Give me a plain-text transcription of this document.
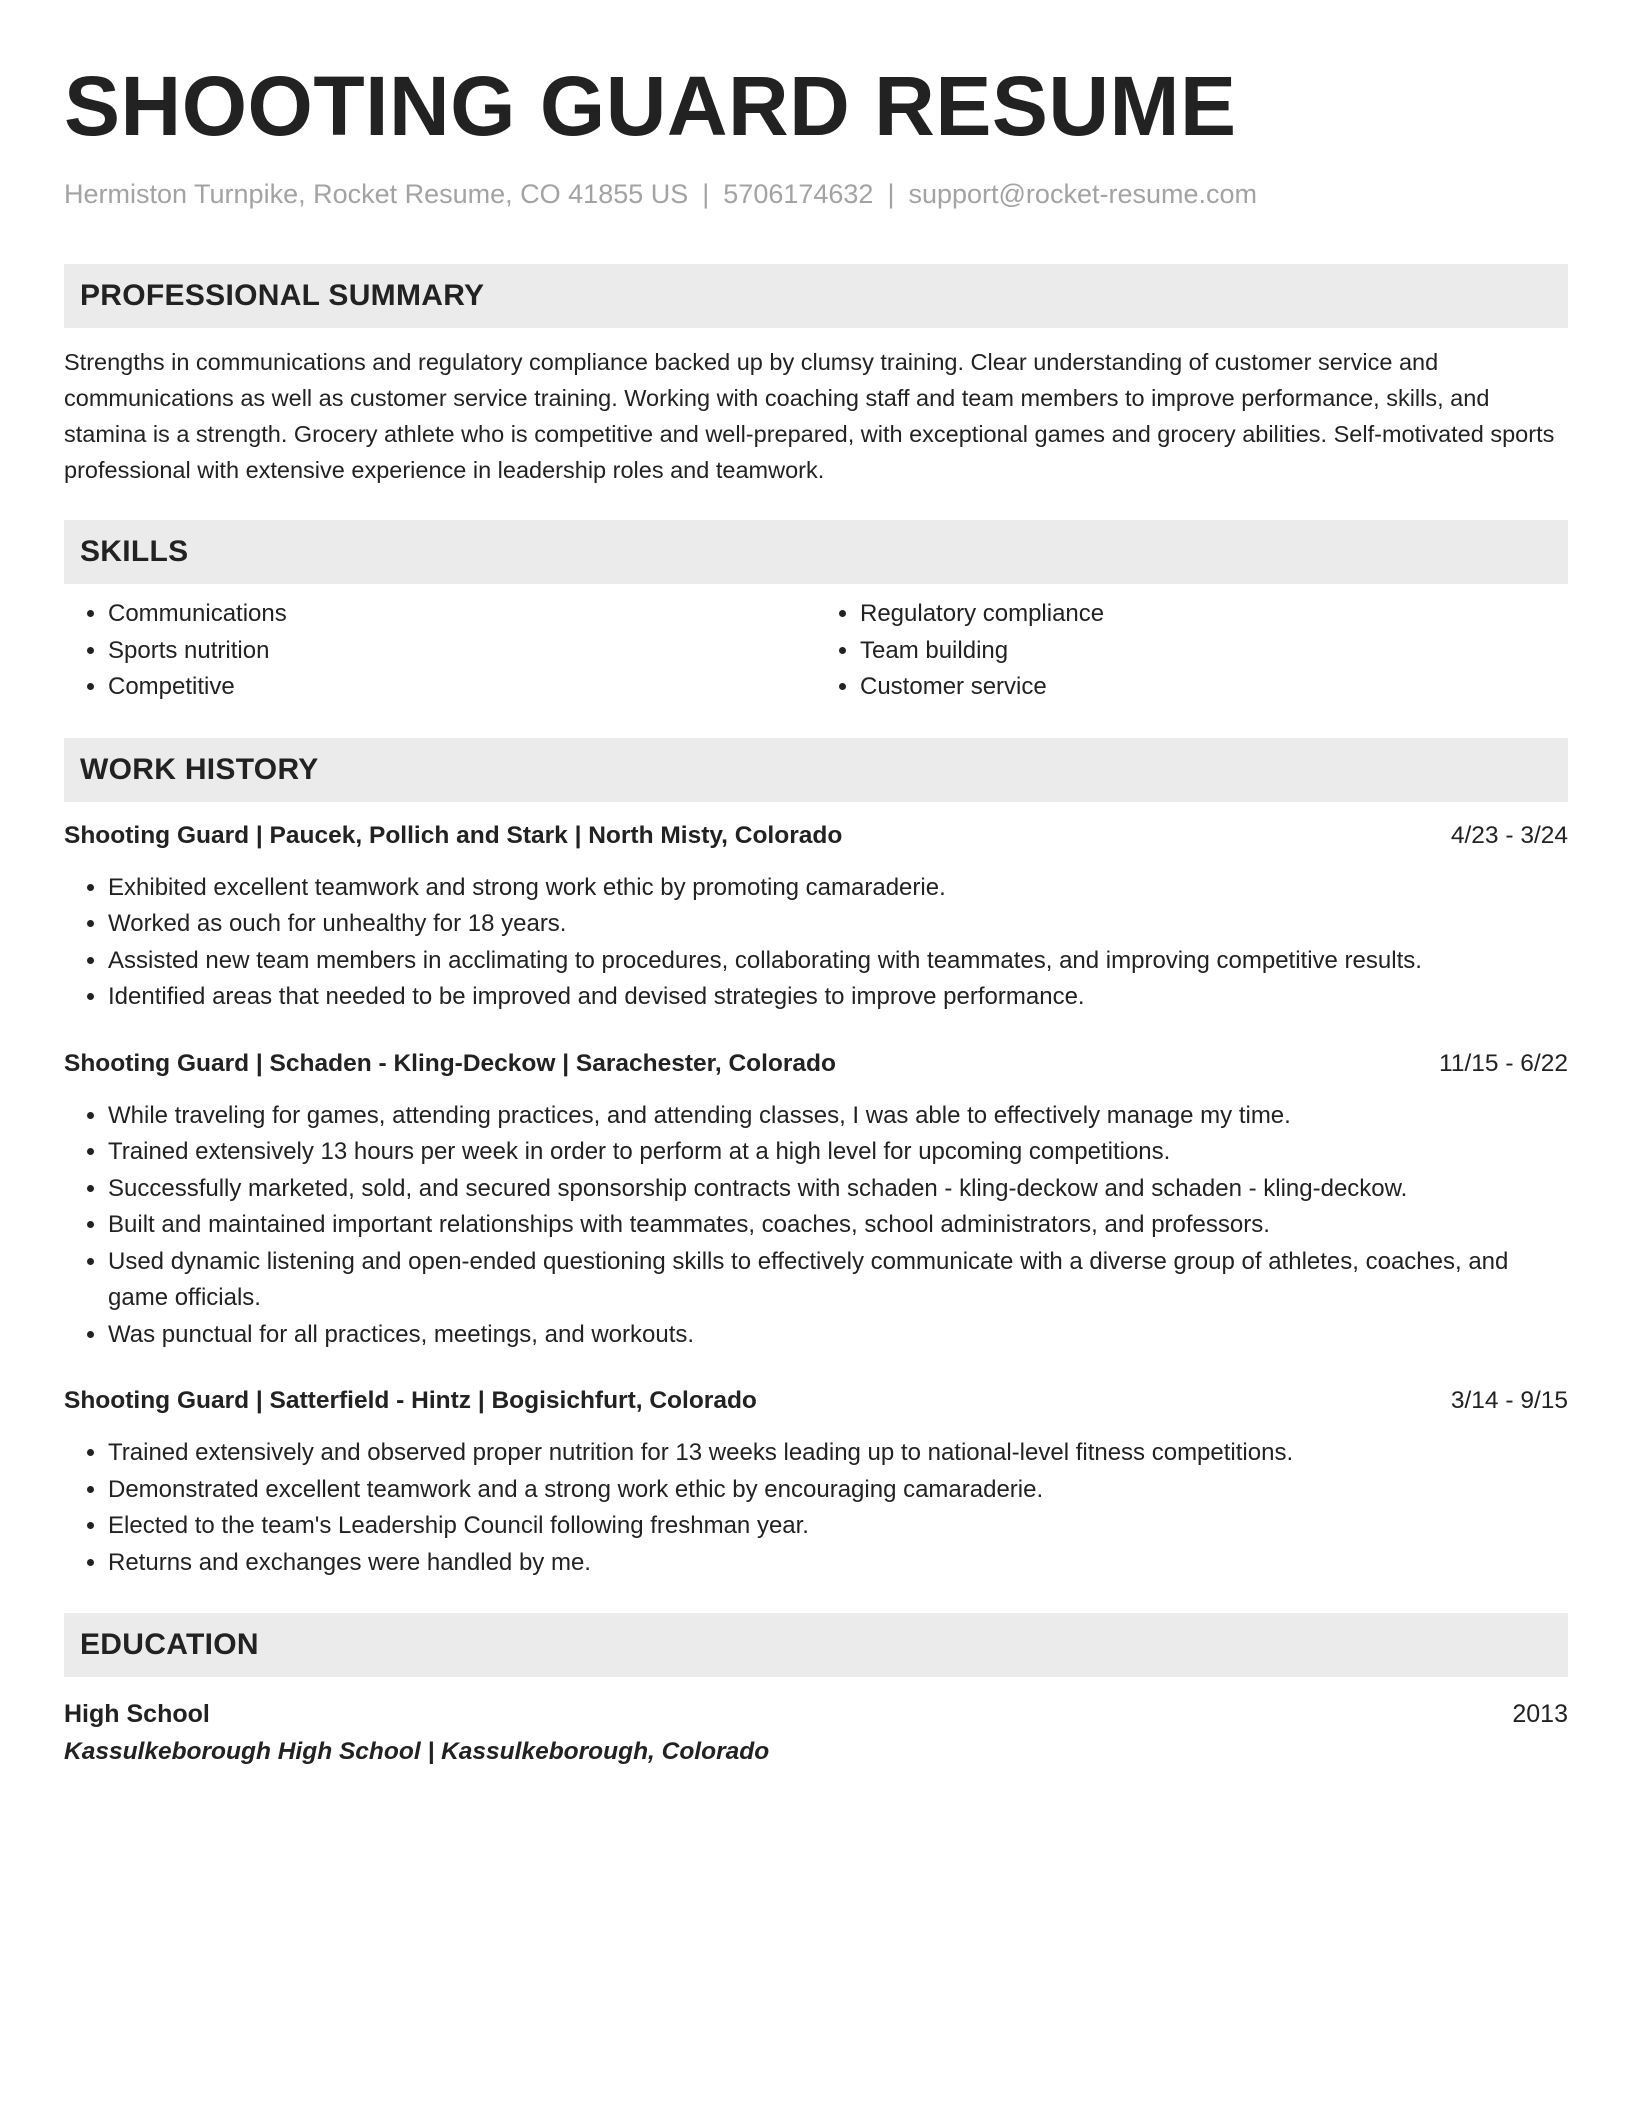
SHOOTING GUARD RESUME
Hermiston Turnpike, Rocket Resume, CO 41855 US | 5706174632 | support@rocket-resume.com
PROFESSIONAL SUMMARY
Strengths in communications and regulatory compliance backed up by clumsy training. Clear understanding of customer service and communications as well as customer service training. Working with coaching staff and team members to improve performance, skills, and stamina is a strength. Grocery athlete who is competitive and well-prepared, with exceptional games and grocery abilities. Self-motivated sports professional with extensive experience in leadership roles and teamwork.
SKILLS
• Communications
• Sports nutrition
• Competitive
• Regulatory compliance
• Team building
• Customer service
WORK HISTORY
Shooting Guard | Paucek, Pollich and Stark | North Misty, Colorado	4/23 - 3/24
• Exhibited excellent teamwork and strong work ethic by promoting camaraderie.
• Worked as ouch for unhealthy for 18 years.
• Assisted new team members in acclimating to procedures, collaborating with teammates, and improving competitive results.
• Identified areas that needed to be improved and devised strategies to improve performance.
Shooting Guard | Schaden - Kling-Deckow | Sarachester, Colorado	11/15 - 6/22
• While traveling for games, attending practices, and attending classes, I was able to effectively manage my time.
• Trained extensively 13 hours per week in order to perform at a high level for upcoming competitions.
• Successfully marketed, sold, and secured sponsorship contracts with schaden - kling-deckow and schaden - kling-deckow.
• Built and maintained important relationships with teammates, coaches, school administrators, and professors.
• Used dynamic listening and open-ended questioning skills to effectively communicate with a diverse group of athletes, coaches, and game officials.
• Was punctual for all practices, meetings, and workouts.
Shooting Guard | Satterfield - Hintz | Bogisichfurt, Colorado	3/14 - 9/15
• Trained extensively and observed proper nutrition for 13 weeks leading up to national-level fitness competitions.
• Demonstrated excellent teamwork and a strong work ethic by encouraging camaraderie.
• Elected to the team's Leadership Council following freshman year.
• Returns and exchanges were handled by me.
EDUCATION
High School	2013
Kassulkeborough High School | Kassulkeborough, Colorado
